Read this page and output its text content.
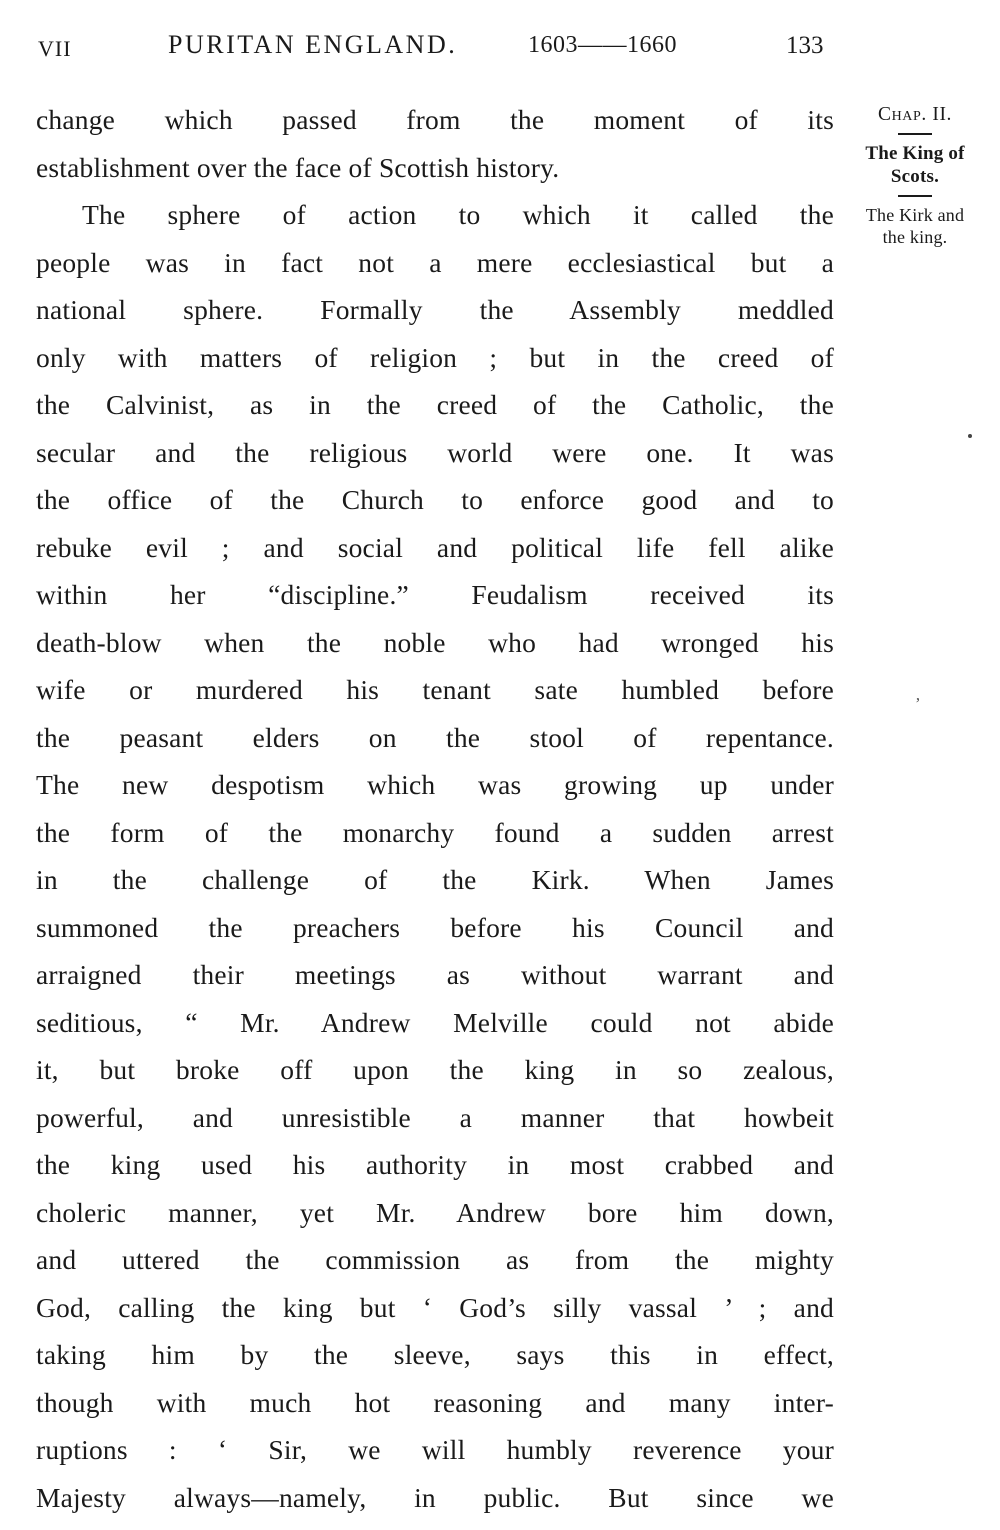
VII	PURITAN ENGLAND.	1603——1660	133

change which passed from the moment of its
establishment over the face of Scottish history.

The sphere of action to which it called the
people was in fact not a mere ecclesiastical but a
national sphere. Formally the Assembly meddled
only with matters of religion ; but in the creed of
the Calvinist, as in the creed of the Catholic, the
secular and the religious world were one. It was
the office of the Church to enforce good and to
rebuke evil ; and social and political life fell alike
within her “discipline.” Feudalism received its
death-blow when the noble who had wronged his
wife or murdered his tenant sate humbled before
the peasant elders on the stool of repentance.
The new despotism which was growing up under
the form of the monarchy found a sudden arrest
in the challenge of the Kirk. When James
summoned the preachers before his Council and
arraigned their meetings as without warrant and
seditious, “ Mr. Andrew Melville could not abide
it, but broke off upon the king in so zealous,
powerful, and unresistible a manner that howbeit
the king used his authority in most crabbed and
choleric manner, yet Mr. Andrew bore him down,
and uttered the commission as from the mighty
God, calling the king but ‘ God’s silly vassal ’ ; and
taking him by the sleeve, says this in effect,
though with much hot reasoning and many inter-
ruptions : ‘ Sir, we will humbly reverence your
Majesty always—namely, in public. But since we

Chap. II.
The King of Scots.
The Kirk and the king.
’
